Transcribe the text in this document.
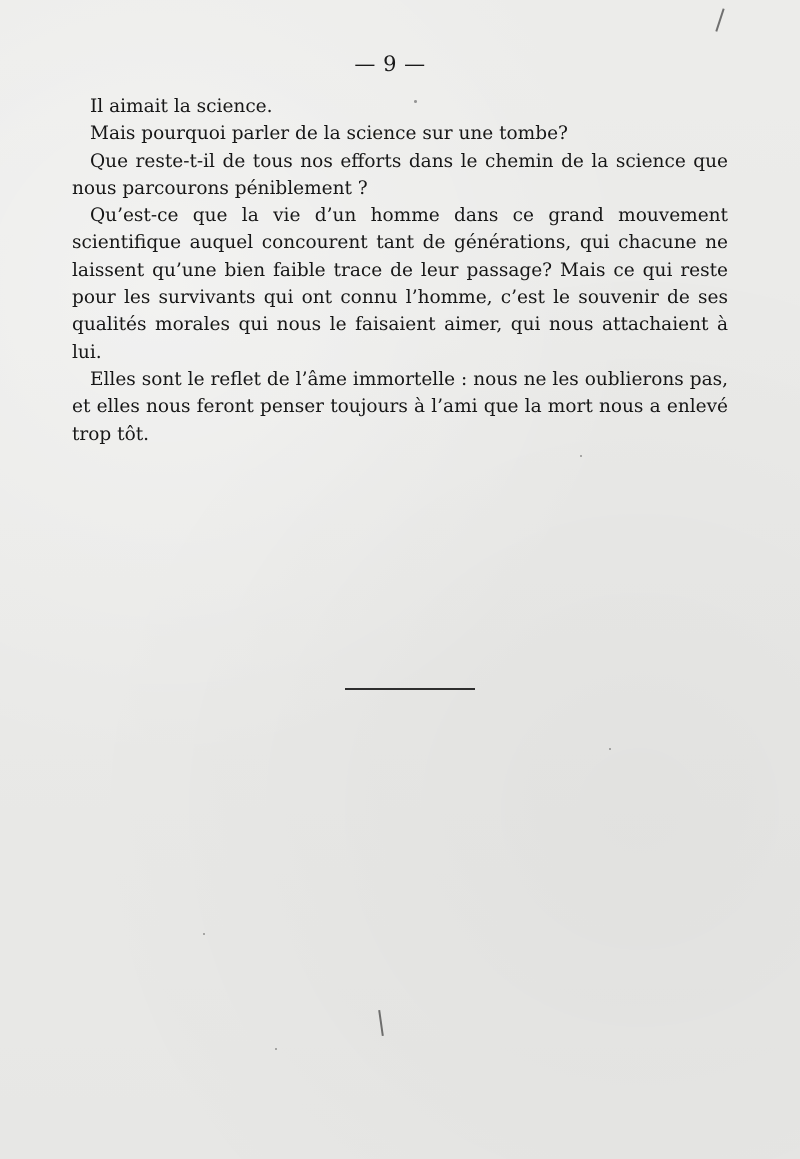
— 9 —

Il aimait la science.

Mais pourquoi parler de la science sur une tombe?

Que reste-t-il de tous nos efforts dans le chemin de la science que nous parcourons péniblement ?

Qu’est-ce que la vie d’un homme dans ce grand mouvement scientifique auquel concourent tant de générations, qui chacune ne laissent qu’une bien faible trace de leur passage? Mais ce qui reste pour les survivants qui ont connu l’homme, c’est le souvenir de ses qualités morales qui nous le faisaient aimer, qui nous attachaient à lui.

Elles sont le reflet de l’âme immortelle : nous ne les oublierons pas, et elles nous feront penser toujours à l’ami que la mort nous a enlevé trop tôt.
